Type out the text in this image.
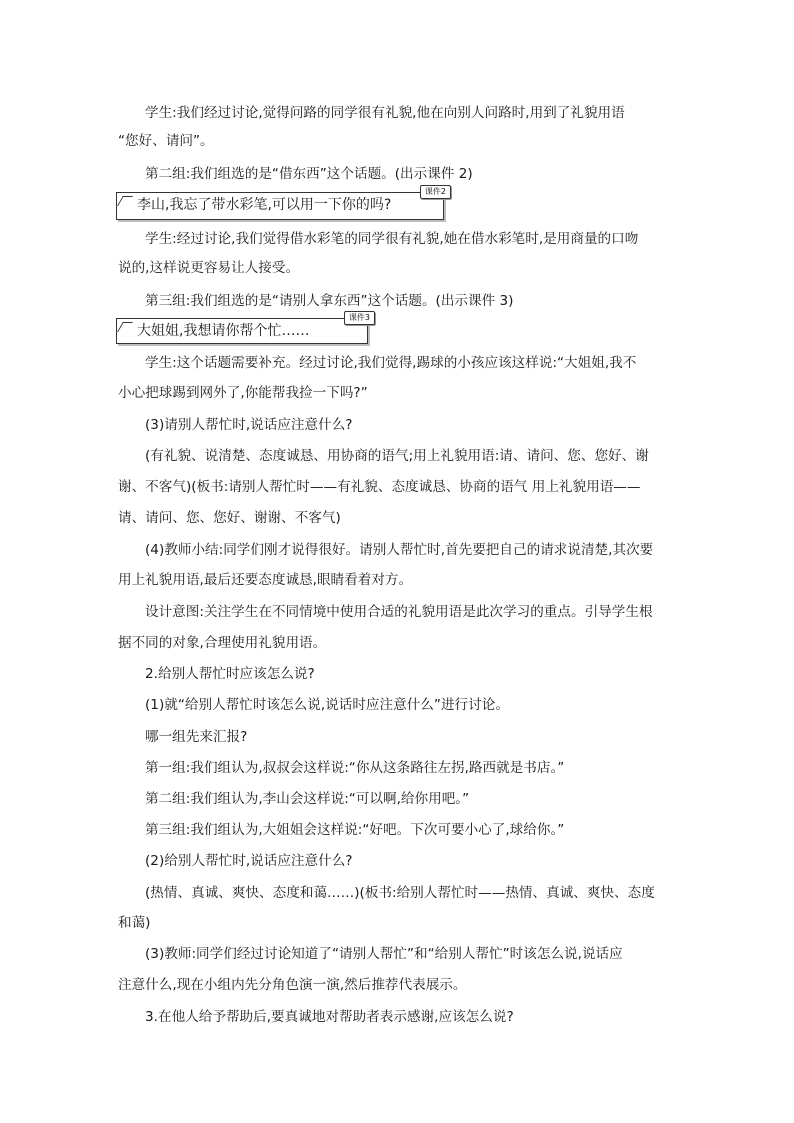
学生:我们经过讨论,觉得问路的同学很有礼貌,他在向别人问路时,用到了礼貌用语
“您好、请问”。
第二组:我们组选的是“借东西”这个话题。(出示课件 2)
李山,我忘了带水彩笔,可以用一下你的吗?
课件2
学生:经过讨论,我们觉得借水彩笔的同学很有礼貌,她在借水彩笔时,是用商量的口吻
说的,这样说更容易让人接受。
第三组:我们组选的是“请别人拿东西”这个话题。(出示课件 3)
大姐姐,我想请你帮个忙……
课件3
学生:这个话题需要补充。经过讨论,我们觉得,踢球的小孩应该这样说:“大姐姐,我不
小心把球踢到网外了,你能帮我捡一下吗?”
(3)请别人帮忙时,说话应注意什么?
(有礼貌、说清楚、态度诚恳、用协商的语气;用上礼貌用语:请、请问、您、您好、谢
谢、不客气)(板书:请别人帮忙时——有礼貌、态度诚恳、协商的语气 用上礼貌用语——
请、请问、您、您好、谢谢、不客气)
(4)教师小结:同学们刚才说得很好。请别人帮忙时,首先要把自己的请求说清楚,其次要
用上礼貌用语,最后还要态度诚恳,眼睛看着对方。
设计意图:关注学生在不同情境中使用合适的礼貌用语是此次学习的重点。引导学生根
据不同的对象,合理使用礼貌用语。
2.给别人帮忙时应该怎么说?
(1)就“给别人帮忙时该怎么说,说话时应注意什么”进行讨论。
哪一组先来汇报?
第一组:我们组认为,叔叔会这样说:“你从这条路往左拐,路西就是书店。”
第二组:我们组认为,李山会这样说:“可以啊,给你用吧。”
第三组:我们组认为,大姐姐会这样说:“好吧。下次可要小心了,球给你。”
(2)给别人帮忙时,说话应注意什么?
(热情、真诚、爽快、态度和蔼……)(板书:给别人帮忙时——热情、真诚、爽快、态度
和蔼)
(3)教师:同学们经过讨论知道了“请别人帮忙”和“给别人帮忙”时该怎么说,说话应
注意什么,现在小组内先分角色演一演,然后推荐代表展示。
3.在他人给予帮助后,要真诚地对帮助者表示感谢,应该怎么说?
